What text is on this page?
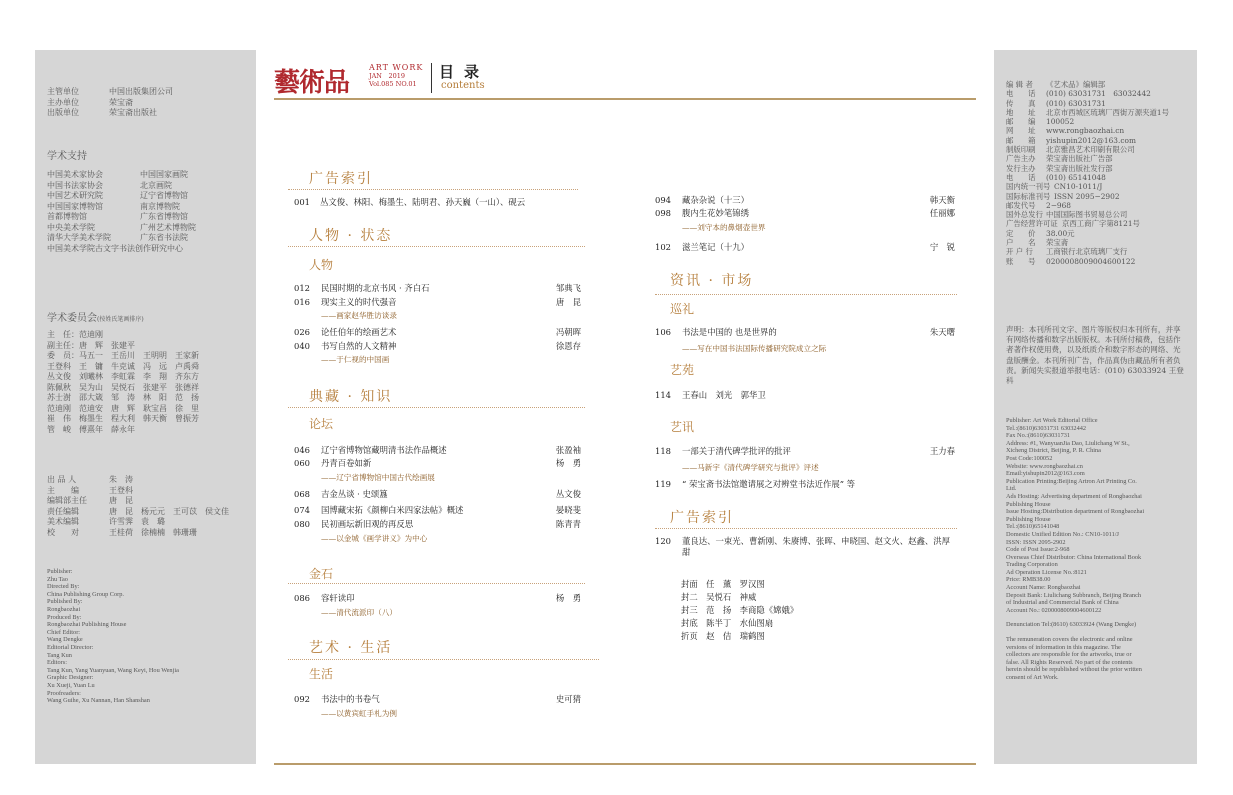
主管单位	中国出版集团公司
主办单位	荣宝斋
出版单位	荣宝斋出版社
学术支持
中国美术家协会	中国国家画院
中国书法家协会	北京画院
中国艺术研究院	辽宁省博物馆
中国国家博物馆	南京博物院
首都博物馆	广东省博物馆
中央美术学院	广州艺术博物院
清华大学美术学院	广东省书法院
中国美术学院古文字书法创作研究中心
学术委员会(按姓氏笔画排序)
主　任：范迪刚
副主任：唐　辉　张建平
委　员：马五一　王岳川　王明明　王家新
王登科　王　镛　牛克诚　冯　远　卢禹舜
丛文俊　刘曦林　李虹霖　李　翔　齐东方
陈佩秋　吴为山　吴悦石　张建平　张德祥
苏士澍　邵大箴　邹　涛　林　阳　范　扬
范迪刚　范迪安　唐　辉　耿宝昌　徐　里
崔　伟　梅墨生　程大利　韩天衡　曾振芳
管　峻　傅熹年　薛永年
出 品 人	朱　涛
主　　编	王登科
编辑部主任	唐　昆
责任编辑	唐　昆　杨元元　王可苡　侯文佳
美术编辑	许雪霁　袁　璐
校　　对	王桂荷　徐楠楠　韩珊珊
Publisher:
Zhu Tao
Directed By:
China Publishing Group Corp.
Published By:
Rongbaozhai
Produced By:
Rongbaozhai Publishing House
Chief Editor:
Wang Dengke
Editorial Director:
Tang Kun
Editors:
Tang Kun, Yang Yuanyuan, Wang Keyi, Hou Wenjia
Graphic Designer:
Xu Xueji, Yuan Lu
Proofreaders:
Wang Guihe, Xu Nannan, Han Shanshan
藝術品
ART WORK
JAN　2019
Vol.085 NO.01
目录
contents
广告索引
001	丛文俊、林阳、梅墨生、陆明君、孙天巍（一山）、砚云
人物 · 状态
人物
012	民国时期的北京书风 · 齐白石	邹典飞
016	现实主义的时代强音	唐　昆
——画家赵华胜访谈录
026	论任伯年的绘画艺术	冯朝晖
040	书写自然的人文精神	徐恩存
——于仁视的中国画
典藏 · 知识
论坛
046	辽宁省博物馆藏明清书法作品概述	张盈袖
060	丹青百卷如新	杨　勇
——辽宁省博物馆中国古代绘画展
068	吉金丛谈 · 史颂簋	丛文俊
074	国博藏宋拓《颜柳白米四家法帖》概述	晏晓斐
080	民初画坛新旧观的再反思	陈青青
——以金城《画学讲义》为中心
金石
086	容轩读印	杨　勇
——清代流派印（八）
艺术 · 生活
生活
092	书法中的书卷气	史可猜
——以黄宾虹手札为例
094	藏杂杂说（十三）	韩天衡
098	腹内生花妙笔锦绣	任丽娜
——刘守本的鼻烟壶世界
102	滋兰笔记（十九）	宁　锐
资讯 · 市场
巡礼
106	书法是中国的 也是世界的	朱天曙
——写在中国书法国际传播研究院成立之际
艺苑
114	王春山　刘光　郭华卫
艺讯
118	一部关于清代碑学批评的批评	王力春
——马新宇《清代碑学研究与批评》评述
119	“ 荣宝斋书法馆邀请展之对辨堂书法近作展” 等
广告索引
120	董良达、一束光、曹新刚、朱赓博、张晖、申晓国、赵文火、赵鑫、洪厚甜
封面　任　薰　罗汉图
封二　吴悦石　神威
封三　范　扬　李商隐《嫦娥》
封底　陈半丁　水仙图扇
折页　赵　佶　瑞鹤图
编 辑 者	《艺术品》编辑部
电　　话	(010) 63031731　63032442
传　　真	(010) 63031731
地　　址	北京市西城区琉璃厂西街万源夹道1号
邮　　编	100052
网　　址	www.rongbaozhai.cn
邮　　箱	yishupin2012@163.com
制版印刷	北京雅昌艺术印刷有限公司
广告主办	荣宝斋出版社广告部
发行主办	荣宝斋出版社发行部
电　　话	(010) 65141048
国内统一刊号 CN10-1011/J
国际标准刊号 ISSN 2095−2902
邮发代号	2−968
国外总发行 中国国际图书贸易总公司
广告经营许可证 京西工商广字第8121号
定　　价	38.00元
户　　名	荣宝斋
开 户 行	工商银行北京琉璃厂支行
账　　号	0200008009004600122
声明：本刊所刊文字、图片等版权归本刊所有，并享有网络传播和数字出版版权。本刊所付稿费，包括作者著作权使用费，以及纸质介和数字形态的网络、光盘版酬金。本刊所刊广告，作品真伪由藏品所有者负责。新闻失实报道举报电话：(010) 63033924 王登科
Publisher: Art Work Editorial Office
Tel.:(8610)63031731 63032442
Fax No.:(8610)63031731
Address: #1, WanyuanJia Dao, Liulichang W St.,
Xicheng District, Beijing, P. R. China
Post Code:100052
Website: www.rongbaozhai.cn
Email:yishupin2012@163.com
Publication Printing:Beijing Artron Art Printing Co.
Ltd.
Ads Hosting: Advertising department of Rongbaozhai
Publishing House
Issue Hosting:Distribution department of Rongbaozhai
Publishing House
Tel.:(8610)65141048
Domestic Unified Edition No.: CN10-1011/J
ISSN: ISSN 2095-2902
Code of Post Issue:2-968
Overseas Chief Distributor: China International Book
Trading Corporation
Ad Operation License No.:8121
Price: RMB38.00
Account Name: Rongbaozhai
Deposit Bank: Liulichang Subbranch, Beijing Branch
of Industrial and Commercial Bank of China
Account No.: 0200008009004600122
Denunciation Tel:(8610) 63033924 (Wang Dengke)
The remuneration covers the electronic and online
versions of information in this magazine. The
collectors are responsible for the artworks, true or
false. All Rights Reserved. No part of the contents
herein should be republished without the prior written
consent of Art Work.
